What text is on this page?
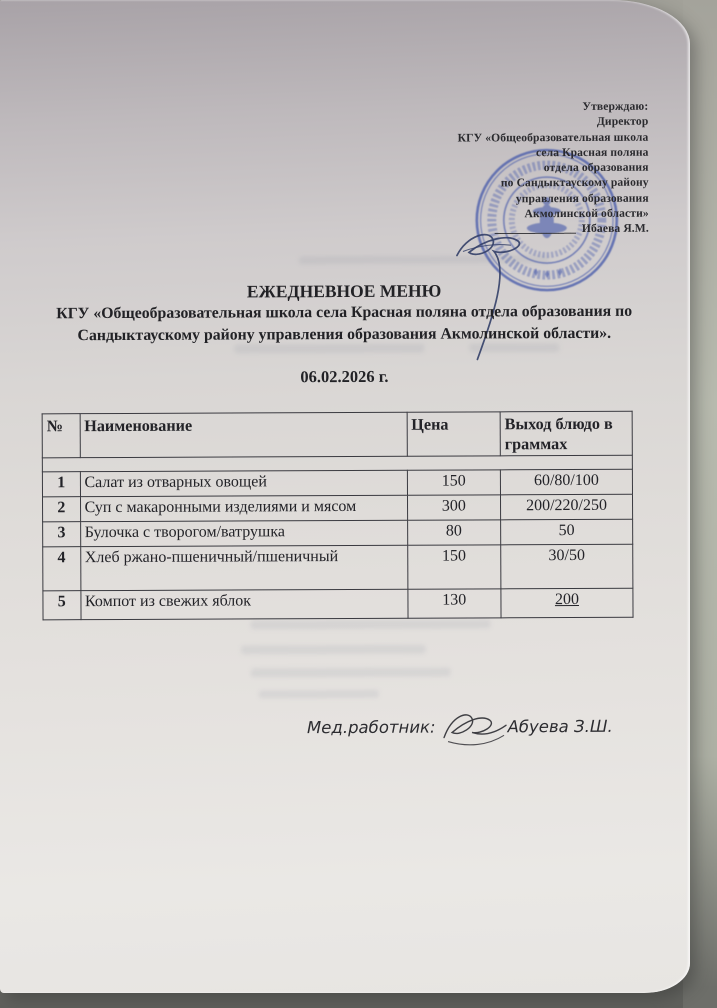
Утверждаю:
Директор
КГУ «Общеобразовательная школа
села Красная поляна
отдела образования
по Сандыктаускому району
управления образования
Акмолинской области»
______________ Ибаева Я.М.
ЕЖЕДНЕВНОЕ МЕНЮ
КГУ «Общеобразовательная школа села Красная поляна отдела образования по Сандыктаускому району управления образования Акмолинской области».
06.02.2026 г.
№	Наименование	Цена	Выход блюдо в граммах

1	Салат из отварных овощей	150	60/80/100
2	Суп с макаронными изделиями и мясом	300	200/220/250
3	Булочка с творогом/ватрушка	80	50
4	Хлеб ржано-пшеничный/пшеничный	150	30/50
5	Компот из свежих яблок	130	200
Мед.работник:	Абуева З.Ш.
